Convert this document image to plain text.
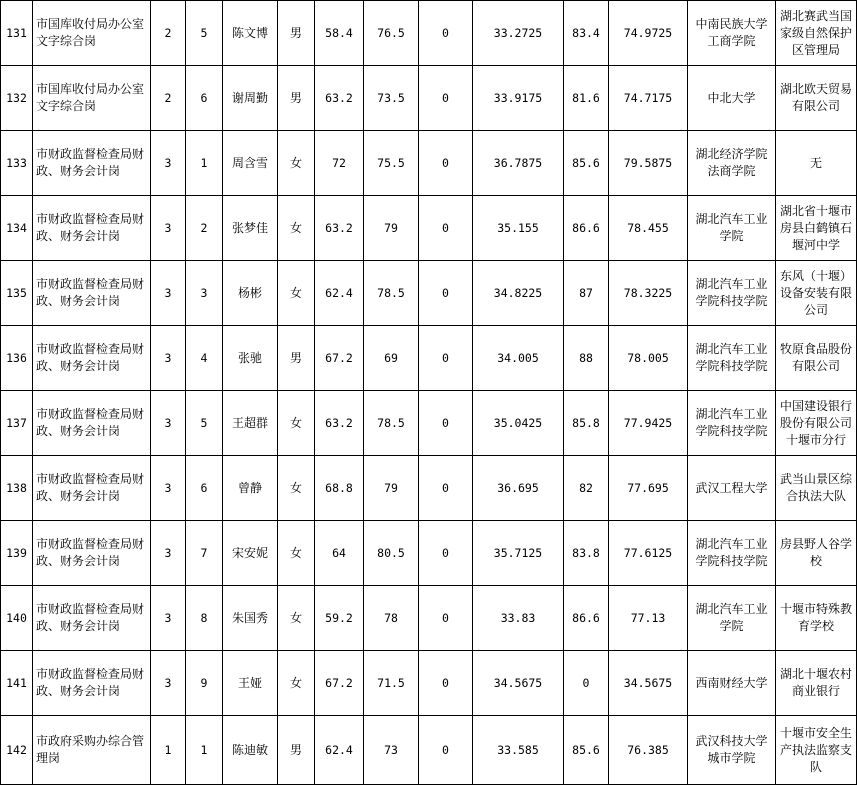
131	市国库收付局办公室文字综合岗	2	5	陈文博	男	58.4	76.5	0	33.2725	83.4	74.9725	中南民族大学工商学院	湖北赛武当国家级自然保护区管理局
132	市国库收付局办公室文字综合岗	2	6	谢周勤	男	63.2	73.5	0	33.9175	81.6	74.7175	中北大学	湖北欧天贸易有限公司
133	市财政监督检查局财政、财务会计岗	3	1	周含雪	女	72	75.5	0	36.7875	85.6	79.5875	湖北经济学院法商学院	无
134	市财政监督检查局财政、财务会计岗	3	2	张梦佳	女	63.2	79	0	35.155	86.6	78.455	湖北汽车工业学院	湖北省十堰市房县白鹤镇石堰河中学
135	市财政监督检查局财政、财务会计岗	3	3	杨彬	女	62.4	78.5	0	34.8225	87	78.3225	湖北汽车工业学院科技学院	东风（十堰）设备安装有限公司
136	市财政监督检查局财政、财务会计岗	3	4	张驰	男	67.2	69	0	34.005	88	78.005	湖北汽车工业学院科技学院	牧原食品股份有限公司
137	市财政监督检查局财政、财务会计岗	3	5	王超群	女	63.2	78.5	0	35.0425	85.8	77.9425	湖北汽车工业学院科技学院	中国建设银行股份有限公司十堰市分行
138	市财政监督检查局财政、财务会计岗	3	6	曾静	女	68.8	79	0	36.695	82	77.695	武汉工程大学	武当山景区综合执法大队
139	市财政监督检查局财政、财务会计岗	3	7	宋安妮	女	64	80.5	0	35.7125	83.8	77.6125	湖北汽车工业学院科技学院	房县野人谷学校
140	市财政监督检查局财政、财务会计岗	3	8	朱国秀	女	59.2	78	0	33.83	86.6	77.13	湖北汽车工业学院	十堰市特殊教育学校
141	市财政监督检查局财政、财务会计岗	3	9	王娅	女	67.2	71.5	0	34.5675	0	34.5675	西南财经大学	湖北十堰农村商业银行
142	市政府采购办综合管理岗	1	1	陈迪敏	男	62.4	73	0	33.585	85.6	76.385	武汉科技大学城市学院	十堰市安全生产执法监察支队
